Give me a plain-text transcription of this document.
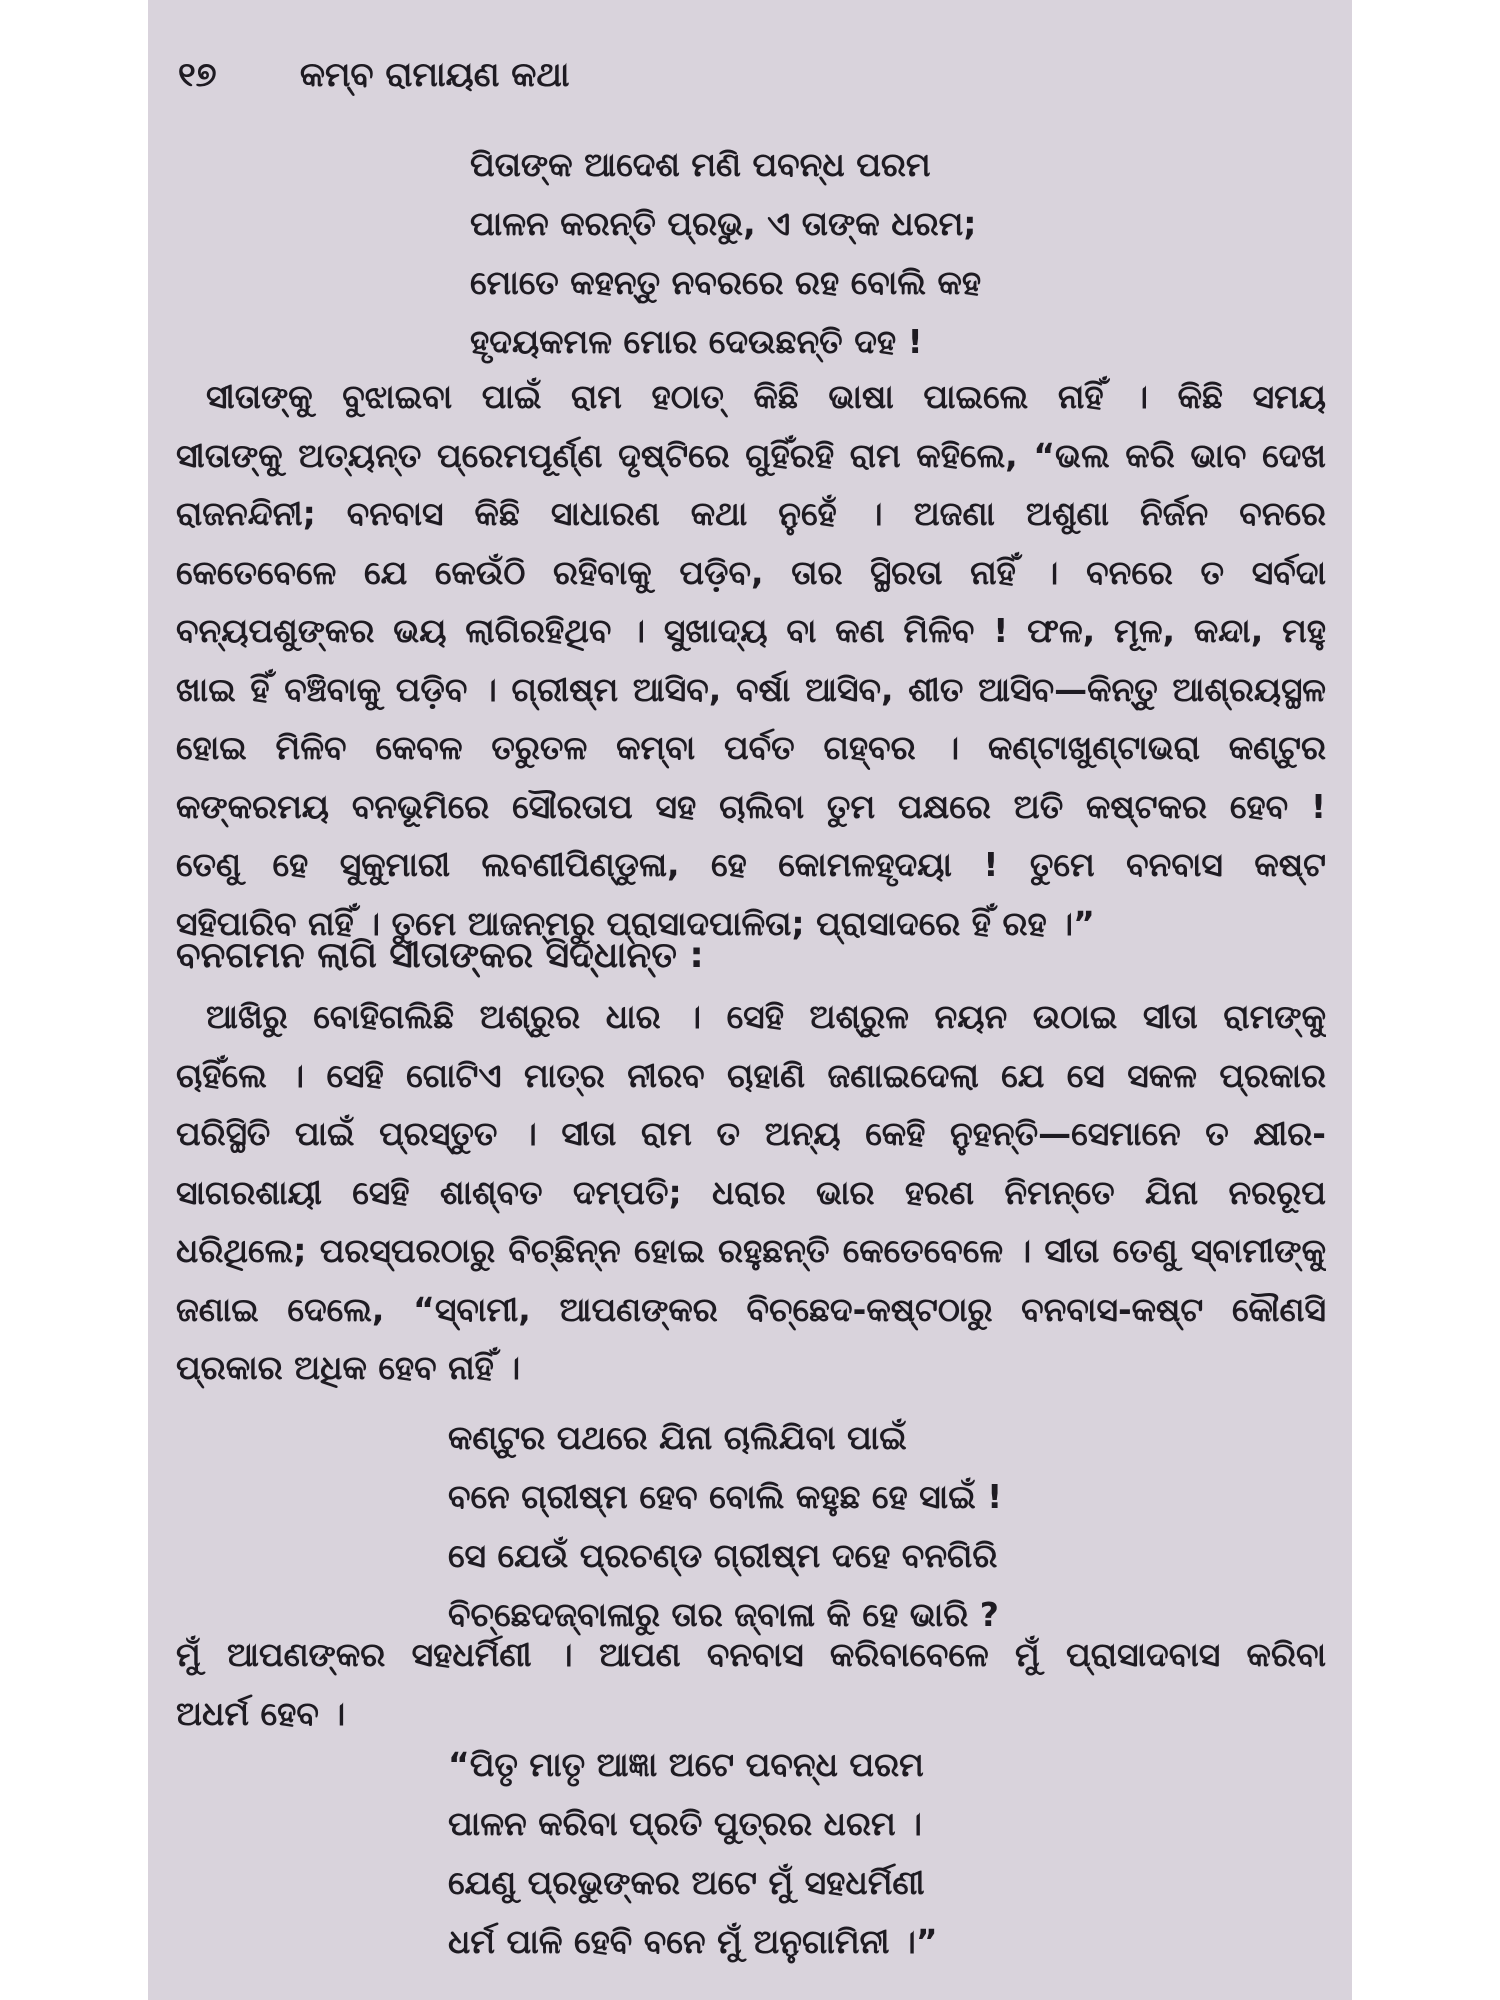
୧୭ କମ୍ବ ରାମାୟଣ କଥା
ପିତାଙ୍କ ଆଦେଶ ମଣି ପବନ୍ଧ ପରମ
ପାଳନ କରନ୍ତି ପ୍ରଭୁ, ଏ ତାଙ୍କ ଧରମ;
ମୋତେ କହନ୍ତୁ ନବରରେ ରହ ବୋଲି କହ
ହୃଦୟକମଳ ମୋର ଦେଉଛନ୍ତି ଦହ !
ସୀତାଙ୍କୁ ବୁଝାଇବା ପାଇଁ ରାମ ହଠାତ୍ କିଛି ଭାଷା ପାଇଲେ ନାହିଁ । କିଛି ସମୟ
ସୀତାଙ୍କୁ ଅତ୍ୟନ୍ତ ପ୍ରେମପୂର୍ଣ୍ଣ ଦୃଷ୍ଟିରେ ଗୁହିଁରହି ରାମ କହିଲେ, “ଭଲ କରି ଭାବ ଦେଖ
ରାଜନନ୍ଦିନୀ; ବନବାସ କିଛି ସାଧାରଣ କଥା ନୁହେଁ । ଅଜଣା ଅଶୁଣା ନିର୍ଜନ ବନରେ
କେତେବେଳେ ଯେ କେଉଁଠି ରହିବାକୁ ପଡ଼ିବ, ତାର ସ୍ଥିରତା ନାହିଁ । ବନରେ ତ ସର୍ବଦା
ବନ୍ୟପଶୁଙ୍କର ଭୟ ଲାଗିରହିଥିବ । ସୁଖାଦ୍ୟ ବା କଣ ମିଳିବ ! ଫଳ, ମୂଳ, କନ୍ଦା, ମହୁ
ଖାଇ ହିଁ ବଞ୍ଚିବାକୁ ପଡ଼ିବ । ଗ୍ରୀଷ୍ମ ଆସିବ, ବର୍ଷା ଆସିବ, ଶୀତ ଆସିବ—କିନ୍ତୁ ଆଶ୍ରୟସ୍ଥଳ
ହୋଇ ମିଳିବ କେବଳ ତରୁତଳ କମ୍ବା ପର୍ବତ ଗହ୍ବର । କଣ୍ଟାଖୁଣ୍ଟାଭରା କଣ୍ଟୁର
କଙ୍କରମୟ ବନଭୂମିରେ ସୌରତାପ ସହ ଚାଲିବା ତୁମ ପକ୍ଷରେ ଅତି କଷ୍ଟକର ହେବ !
ତେଣୁ ହେ ସୁକୁମାରୀ ଲବଣୀପିଣ୍ଡୁଳା, ହେ କୋମଳହୃଦୟା ! ତୁମେ ବନବାସ କଷ୍ଟ
ସହିପାରିବ ନାହିଁ । ତୁମେ ଆଜନ୍ମରୁ ପ୍ରାସାଦପାଳିତା; ପ୍ରାସାଦରେ ହିଁ ରହ ।”
ବନଗମନ ଲାଗି ସୀତାଙ୍କର ସିଦ୍ଧାନ୍ତ :
ଆଖିରୁ ବୋହିଗଲିଛି ଅଶ୍ରୁର ଧାର । ସେହି ଅଶ୍ରୁଳ ନୟନ ଉଠାଇ ସୀତା ରାମଙ୍କୁ
ଚାହିଁଲେ । ସେହି ଗୋଟିଏ ମାତ୍ର ନୀରବ ଚାହାଣି ଜଣାଇଦେଲା ଯେ ସେ ସକଳ ପ୍ରକାର
ପରିସ୍ଥିତି ପାଇଁ ପ୍ରସ୍ତୁତ । ସୀତା ରାମ ତ ଅନ୍ୟ କେହି ନୁହନ୍ତି—ସେମାନେ ତ କ୍ଷୀର-
ସାଗରଶାୟୀ ସେହି ଶାଶ୍ବତ ଦମ୍ପତି; ଧରାର ଭାର ହରଣ ନିମନ୍ତେ ଯିନା ନରରୂପ
ଧରିଥିଲେ; ପରସ୍ପରଠାରୁ ବିଚ୍ଛିନ୍ନ ହୋଇ ରହୁଛନ୍ତି କେତେବେଳେ । ସୀତା ତେଣୁ ସ୍ବାମୀଙ୍କୁ
ଜଣାଇ ଦେଲେ, “ସ୍ବାମୀ, ଆପଣଙ୍କର ବିଚ୍ଛେଦ-କଷ୍ଟଠାରୁ ବନବାସ-କଷ୍ଟ କୌଣସି
ପ୍ରକାର ଅଧିକ ହେବ ନାହିଁ ।
କଣ୍ଟୁର ପଥରେ ଯିନା ଚାଲିଯିବା ପାଇଁ
ବନେ ଗ୍ରୀଷ୍ମ ହେବ ବୋଲି କହୁଛ ହେ ସାଇଁ !
ସେ ଯେଉଁ ପ୍ରଚଣ୍ଡ ଗ୍ରୀଷ୍ମ ଦହେ ବନଗିରି
ବିଚ୍ଛେଦଜ୍ବାଳାରୁ ତାର ଜ୍ବାଳା କି ହେ ଭାରି ?
ମୁଁ ଆପଣଙ୍କର ସହଧର୍ମିଣୀ । ଆପଣ ବନବାସ କରିବାବେଳେ ମୁଁ ପ୍ରାସାଦବାସ କରିବା
ଅଧର୍ମ ହେବ ।
“ପିତୃ ମାତୃ ଆଜ୍ଞା ଅଟେ ପବନ୍ଧ ପରମ
ପାଳନ କରିବା ପ୍ରତି ପୁତ୍ରର ଧରମ ।
ଯେଣୁ ପ୍ରଭୁଙ୍କର ଅଟେ ମୁଁ ସହଧର୍ମିଣୀ
ଧର୍ମ ପାଳି ହେବି ବନେ ମୁଁ ଅନୁଗାମିନୀ ।”
